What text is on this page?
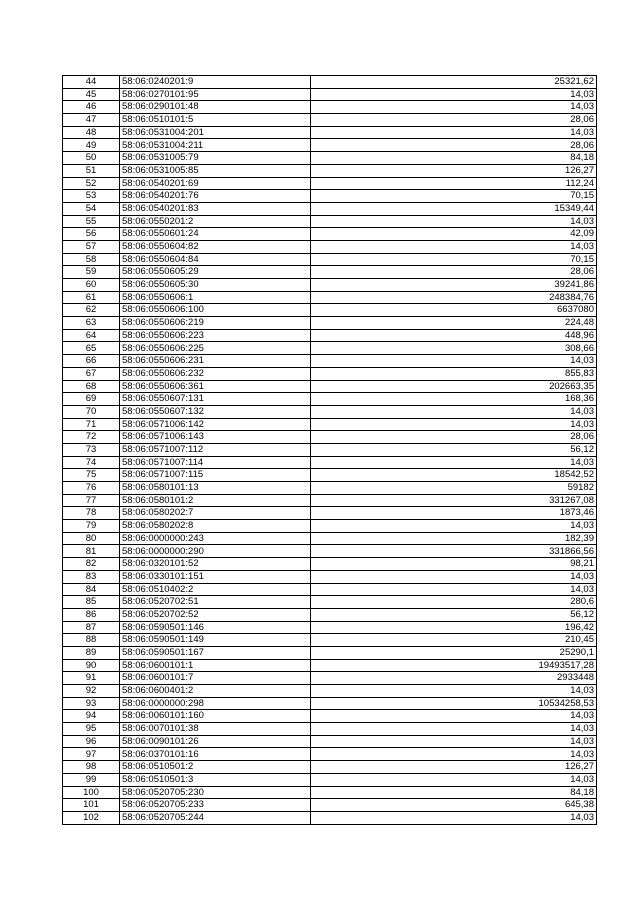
44	58:06:0240201:9	25321,62
45	58:06:0270101:95	14,03
46	58:06:0290101:48	14,03
47	58:06:0510101:5	28,06
48	58:06:0531004:201	14,03
49	58:06:0531004:211	28,06
50	58:06:0531005:79	84,18
51	58:06:0531005:85	126,27
52	58:06:0540201:69	112,24
53	58:06:0540201:76	70,15
54	58:06:0540201:83	15349,44
55	58:06:0550201:2	14,03
56	58:06:0550601:24	42,09
57	58:06:0550604:82	14,03
58	58:06:0550604:84	70,15
59	58:06:0550605:29	28,06
60	58:06:0550605:30	39241,86
61	58:06:0550606:1	248384,76
62	58:06:0550606:100	6637080
63	58:06:0550606:219	224,48
64	58:06:0550606:223	448,96
65	58:06:0550606:225	308,66
66	58:06:0550606:231	14,03
67	58:06:0550606:232	855,83
68	58:06:0550606:361	202663,35
69	58:06:0550607:131	168,36
70	58:06:0550607:132	14,03
71	58:06:0571006:142	14,03
72	58:06:0571006:143	28,06
73	58:06:0571007:112	56,12
74	58:06:0571007:114	14,03
75	58:06:0571007:115	18542,52
76	58:06:0580101:13	59182
77	58:06:0580101:2	331267,08
78	58:06:0580202:7	1873,46
79	58:06:0580202:8	14,03
80	58:06:0000000:243	182,39
81	58:06:0000000:290	331866,56
82	58:06:0320101:52	98,21
83	58:06:0330101:151	14,03
84	58:06:0510402:2	14,03
85	58:06:0520702:51	280,6
86	58:06:0520702:52	56,12
87	58:06:0590501:146	196,42
88	58:06:0590501:149	210,45
89	58:06:0590501:167	25290,1
90	58:06:0600101:1	19493517,28
91	58:06:0600101:7	2933448
92	58:06:0600401:2	14,03
93	58:06:0000000:298	10534258,53
94	58:06:0060101:160	14,03
95	58:06:0070101:38	14,03
96	58:06:0090101:26	14,03
97	58:06:0370101:16	14,03
98	58:06:0510501:2	126,27
99	58:06:0510501:3	14,03
100	58:06:0520705:230	84,18
101	58:06:0520705:233	645,38
102	58:06:0520705:244	14,03
